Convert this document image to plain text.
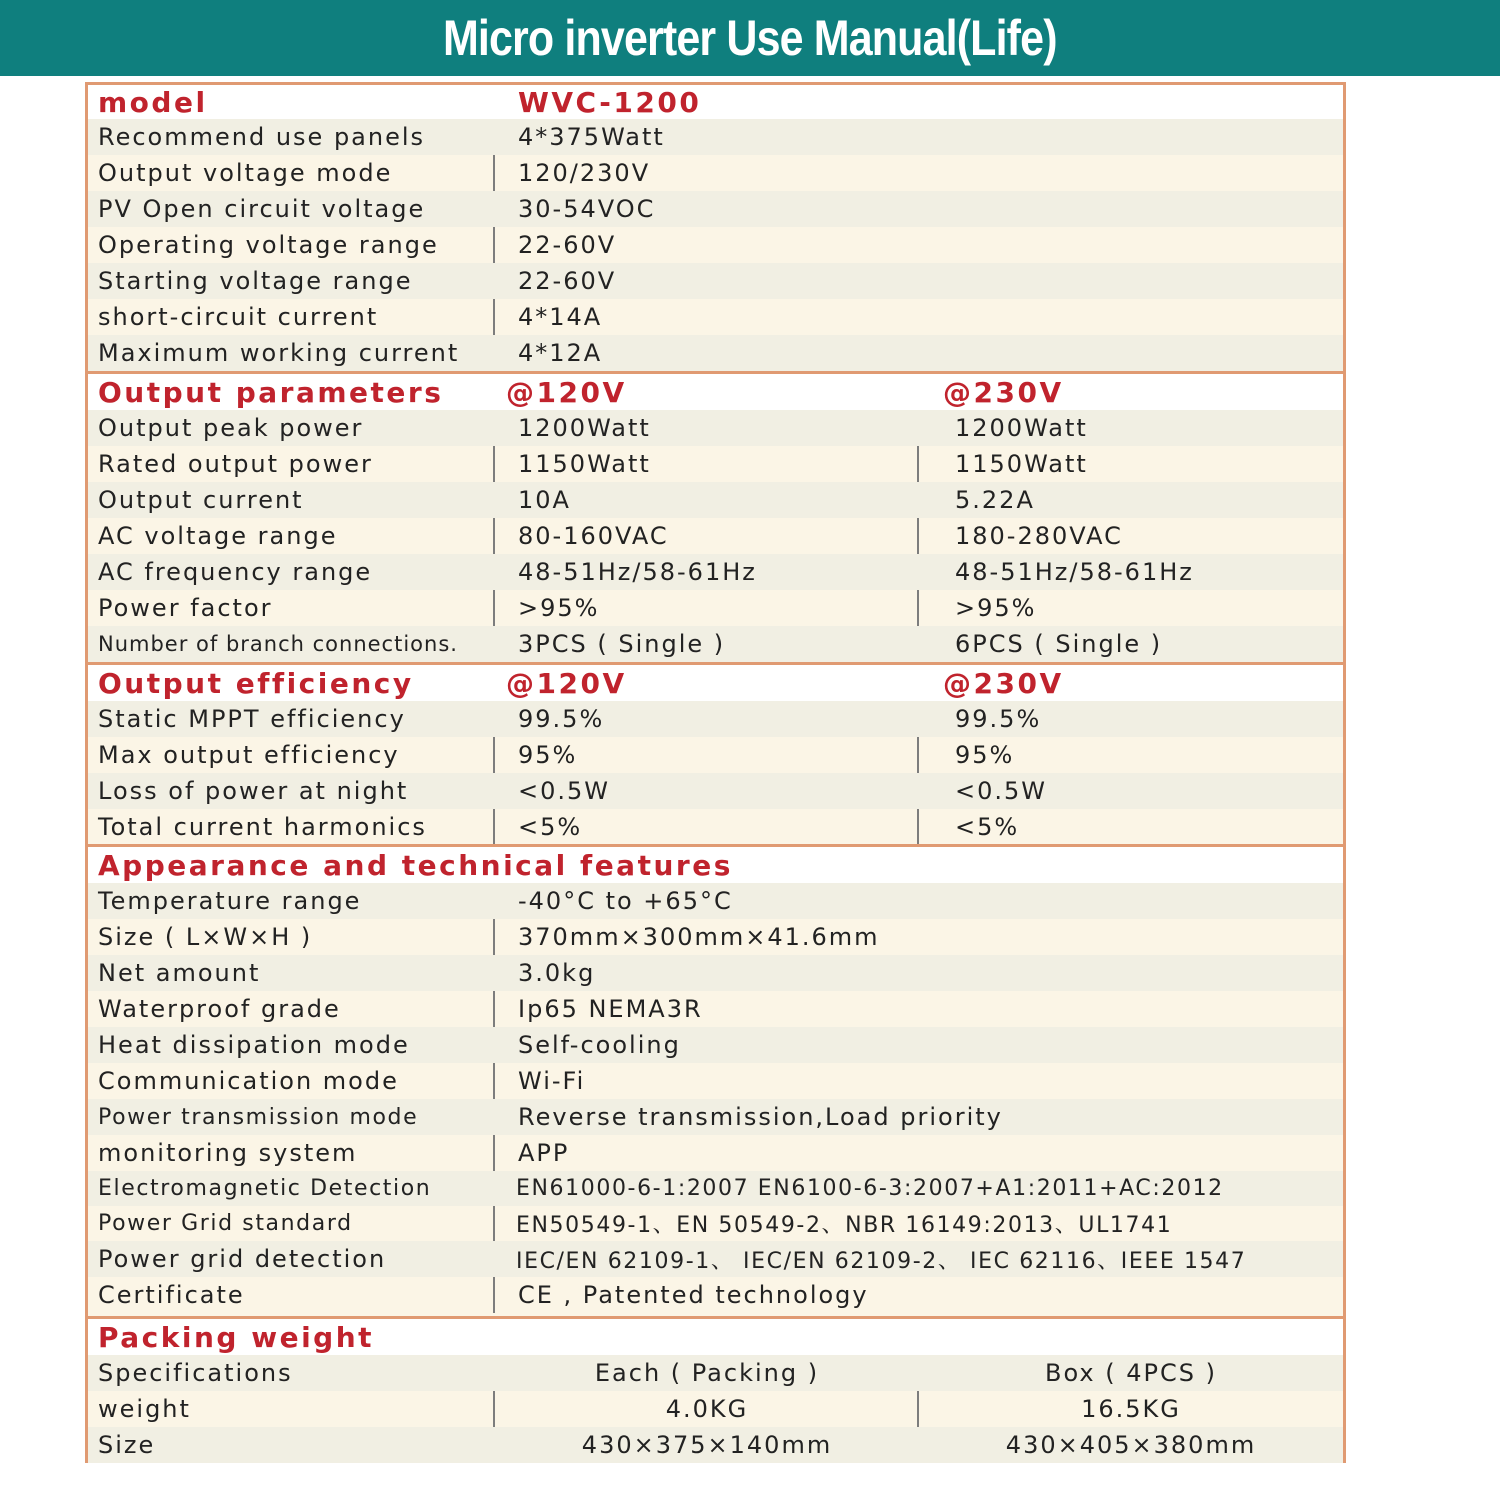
Micro inverter Use Manual(Life)
model	WVC-1200
Recommend use panels	4*375Watt
Output voltage mode	120/230V
PV Open circuit voltage	30-54VOC
Operating voltage range	22-60V
Starting voltage range	22-60V
short-circuit current	4*14A
Maximum working current	4*12A
Output parameters	@120V	@230V
Output peak power	1200Watt	1200Watt
Rated output power	1150Watt	1150Watt
Output current	10A	5.22A
AC voltage range	80-160VAC	180-280VAC
AC frequency range	48-51Hz/58-61Hz	48-51Hz/58-61Hz
Power factor	>95%	>95%
Number of branch connections.	3PCS ( Single )	6PCS ( Single )
Output efficiency	@120V	@230V
Static MPPT efficiency	99.5%	99.5%
Max output efficiency	95%	95%
Loss of power at night	<0.5W	<0.5W
Total current harmonics	<5%	<5%
Appearance and technical features
Temperature range	-40°C to +65°C
Size ( L×W×H )	370mm×300mm×41.6mm
Net amount	3.0kg
Waterproof grade	Ip65 NEMA3R
Heat dissipation mode	Self-cooling
Communication mode	Wi-Fi
Power transmission mode	Reverse transmission,Load priority
monitoring system	APP
Electromagnetic Detection	EN61000-6-1:2007 EN6100-6-3:2007+A1:2011+AC:2012
Power Grid standard	EN50549-1、EN 50549-2、NBR 16149:2013、UL1741
Power grid detection	IEC/EN 62109-1、 IEC/EN 62109-2、 IEC 62116、IEEE 1547
Certificate	CE , Patented technology
Packing weight
Specifications	Each ( Packing )	Box ( 4PCS )
weight	4.0KG	16.5KG
Size	430×375×140mm	430×405×380mm
